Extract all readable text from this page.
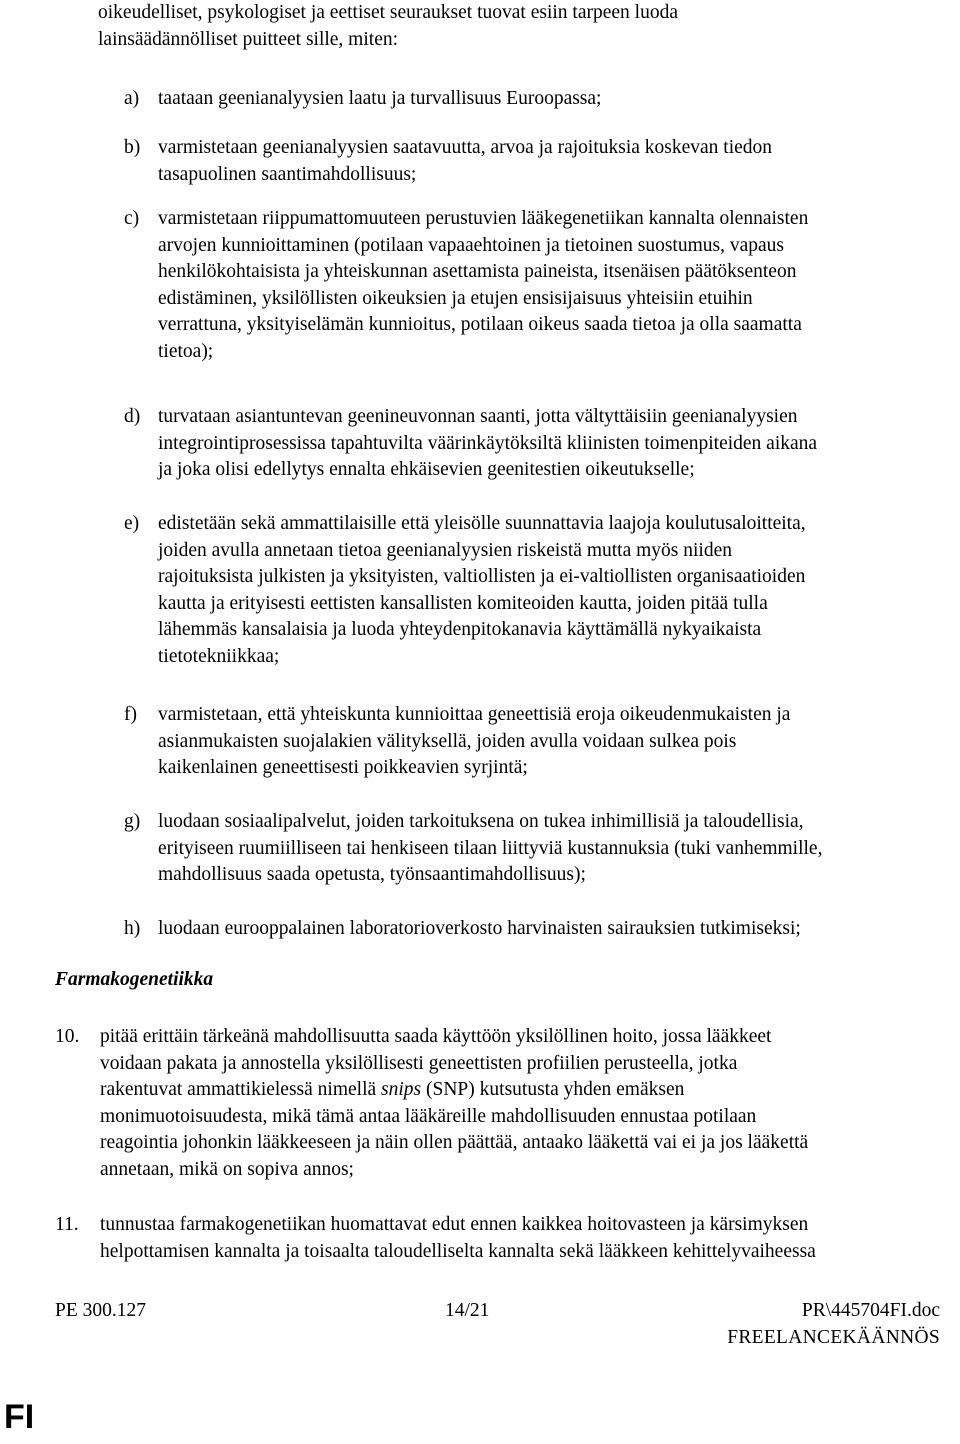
oikeudelliset, psykologiset ja eettiset seuraukset tuovat esiin tarpeen luoda
lainsäädännölliset puitteet sille, miten:
a) taataan geenianalyysien laatu ja turvallisuus Euroopassa;
b) varmistetaan geenianalyysien saatavuutta, arvoa ja rajoituksia koskevan tiedon
tasapuolinen saantimahdollisuus;
c) varmistetaan riippumattomuuteen perustuvien lääkegenetiikan kannalta olennaisten
arvojen kunnioittaminen (potilaan vapaaehtoinen ja tietoinen suostumus, vapaus
henkilökohtaisista ja yhteiskunnan asettamista paineista, itsenäisen päätöksenteon
edistäminen, yksilöllisten oikeuksien ja etujen ensisijaisuus yhteisiin etuihin
verrattuna, yksityiselämän kunnioitus, potilaan oikeus saada tietoa ja olla saamatta
tietoa);
d) turvataan asiantuntevan geenineuvonnan saanti, jotta vältyttäisiin geenianalyysien
integrointiprosessissa tapahtuvilta väärinkäytöksiltä kliinisten toimenpiteiden aikana
ja joka olisi edellytys ennalta ehkäisevien geenitestien oikeutukselle;
e) edistetään sekä ammattilaisille että yleisölle suunnattavia laajoja koulutusaloitteita,
joiden avulla annetaan tietoa geenianalyysien riskeistä mutta myös niiden
rajoituksista julkisten ja yksityisten, valtiollisten ja ei-valtiollisten organisaatioiden
kautta ja erityisesti eettisten kansallisten komiteoiden kautta, joiden pitää tulla
lähemmäs kansalaisia ja luoda yhteydenpitokanavia käyttämällä nykyaikaista
tietotekniikkaa;
f) varmistetaan, että yhteiskunta kunnioittaa geneettisiä eroja oikeudenmukaisten ja
asianmukaisten suojalakien välityksellä, joiden avulla voidaan sulkea pois
kaikenlainen geneettisesti poikkeavien syrjintä;
g) luodaan sosiaalipalvelut, joiden tarkoituksena on tukea inhimillisiä ja taloudellisia,
erityiseen ruumiilliseen tai henkiseen tilaan liittyviä kustannuksia (tuki vanhemmille,
mahdollisuus saada opetusta, työnsaantimahdollisuus);
h) luodaan eurooppalainen laboratorioverkosto harvinaisten sairauksien tutkimiseksi;
Farmakogenetiikka
10. pitää erittäin tärkeänä mahdollisuutta saada käyttöön yksilöllinen hoito, jossa lääkkeet
voidaan pakata ja annostella yksilöllisesti geneettisten profiilien perusteella, jotka
rakentuvat ammattikielessä nimellä snips (SNP) kutsutusta yhden emäksen
monimuotoisuudesta, mikä tämä antaa lääkäreille mahdollisuuden ennustaa potilaan
reagointia johonkin lääkkeeseen ja näin ollen päättää, antaako lääkettä vai ei ja jos lääkettä
annetaan, mikä on sopiva annos;
11. tunnustaa farmakogenetiikan huomattavat edut ennen kaikkea hoitovasteen ja kärsimyksen
helpottamisen kannalta ja toisaalta taloudelliselta kannalta sekä lääkkeen kehittelyvaiheessa
PE 300.127	14/21	PR\445704FI.doc
FREELANCEKÄÄNNÖS
FI
